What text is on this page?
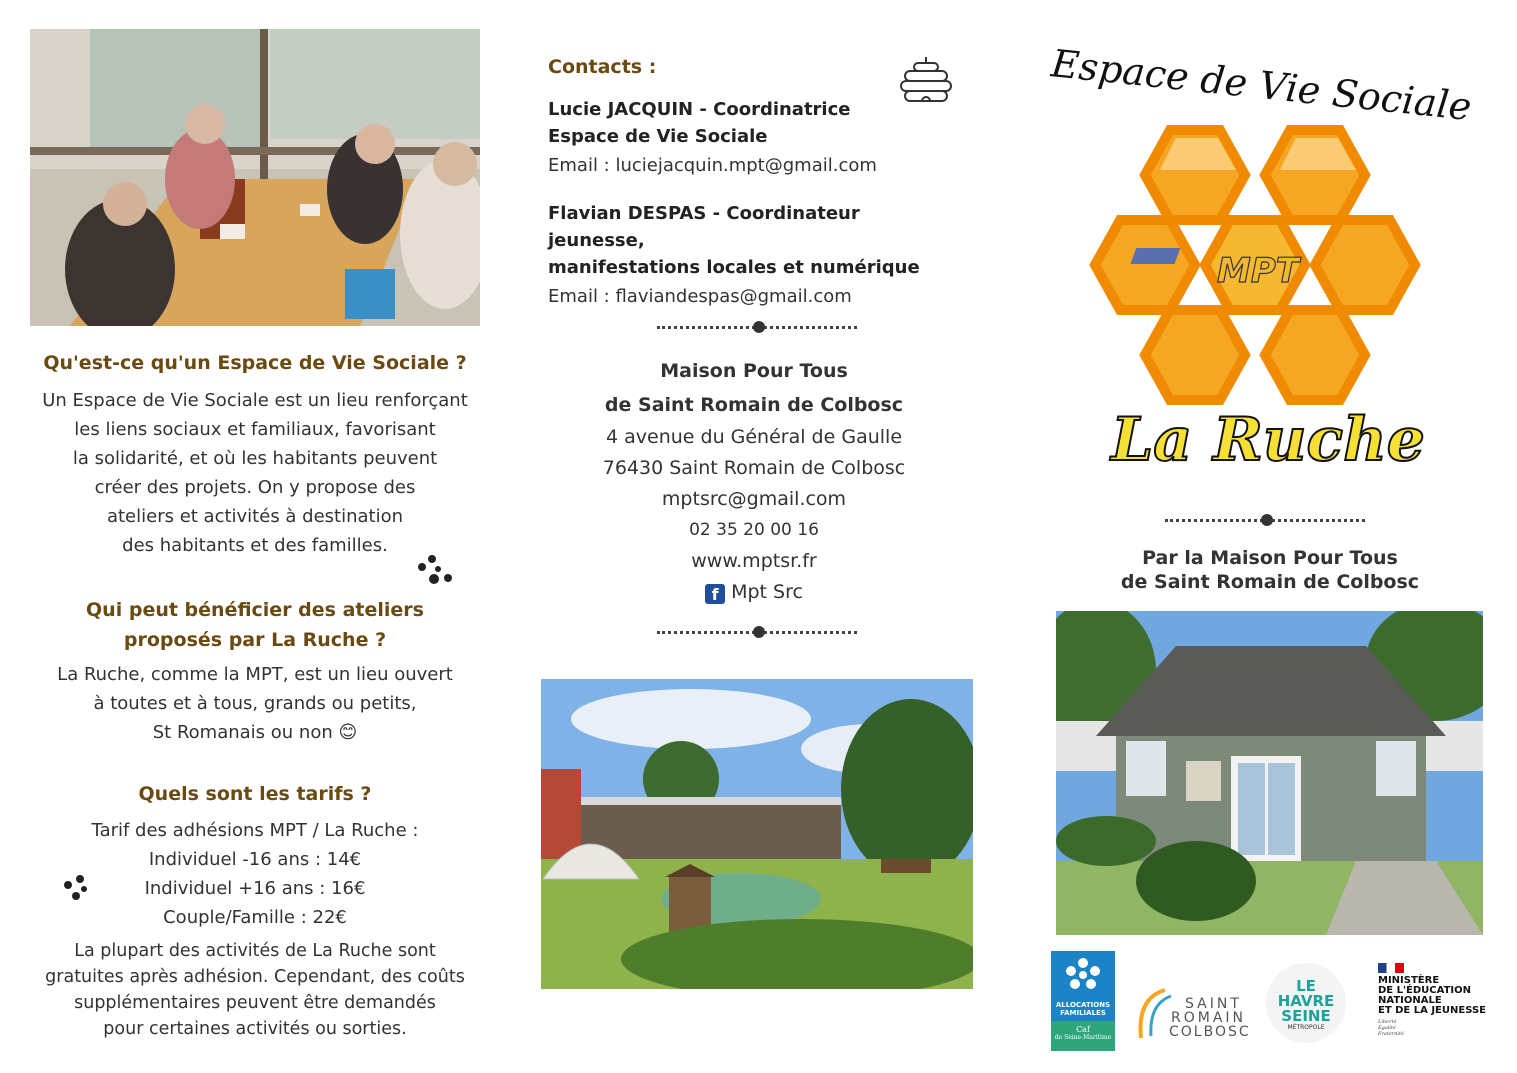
Qu'est-ce qu'un Espace de Vie Sociale ?
Un Espace de Vie Sociale est un lieu renforçant
les liens sociaux et familiaux, favorisant
la solidarité, et où les habitants peuvent
créer des projets. On y propose des
ateliers et activités à destination
des habitants et des familles.
Qui peut bénéficier des ateliers
proposés par La Ruche ?
La Ruche, comme la MPT, est un lieu ouvert
à toutes et à tous, grands ou petits,
St Romanais ou non 😊
Quels sont les tarifs ?
Tarif des adhésions MPT / La Ruche :
Individuel -16 ans : 14€
Individuel +16 ans : 16€
Couple/Famille : 22€
La plupart des activités de La Ruche sont
gratuites après adhésion. Cependant, des coûts
supplémentaires peuvent être demandés
pour certaines activités ou sorties.
Contacts :
Lucie JACQUIN - Coordinatrice
Espace de Vie Sociale
Email : luciejacquin.mpt@gmail.com
Flavian DESPAS - Coordinateur jeunesse,
manifestations locales et numérique
Email : flaviandespas@gmail.com
Maison Pour Tous
de Saint Romain de Colbosc
4 avenue du Général de Gaulle
76430 Saint Romain de Colbosc
mptsrc@gmail.com
02 35 20 00 16
www.mptsr.fr
f Mpt Src
Espace de Vie Sociale
MPT
La Ruche
Par la Maison Pour Tous
de Saint Romain de Colbosc
ALLOCATIONS
FAMILIALES
Caf
de Seine-Maritime
SAINT
ROMAIN
COLBOSC
LE
HAVRE
SEINE
MÉTROPOLE
MINISTÈRE
DE L'ÉDUCATION
NATIONALE
ET DE LA JEUNESSE
Liberté
Égalité
Fraternité
